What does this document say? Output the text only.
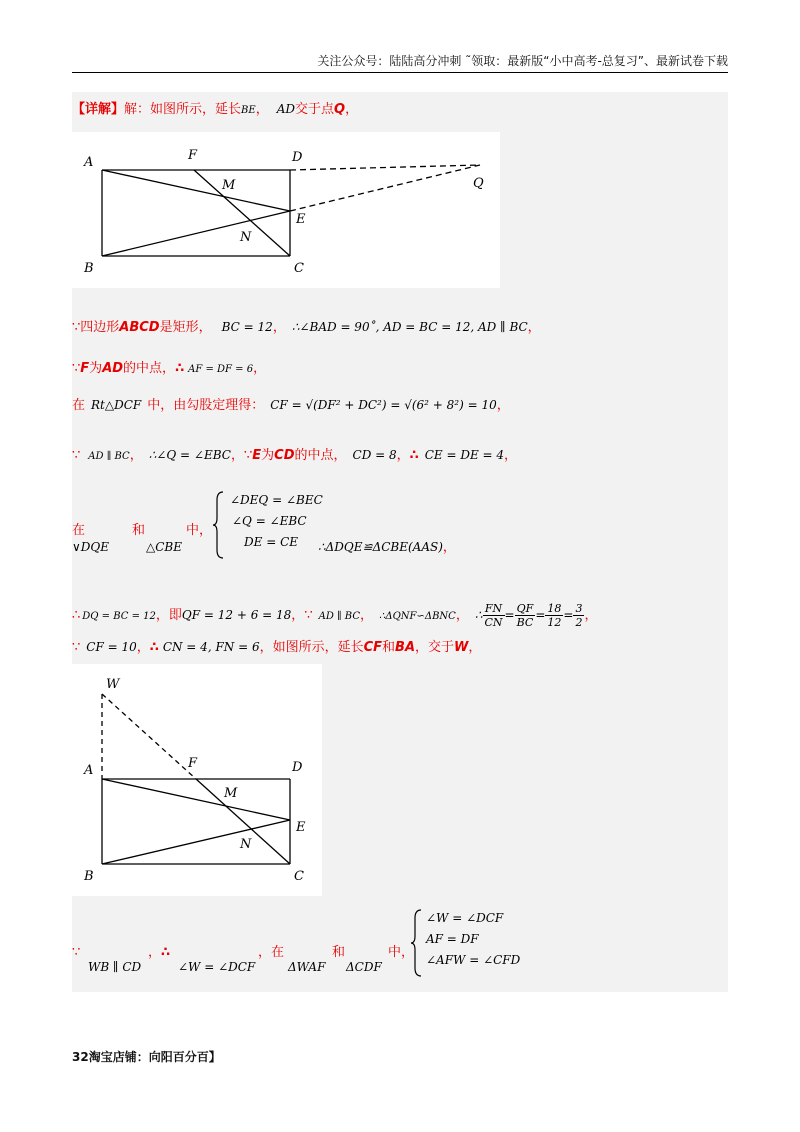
关注公众号：陆陆高分冲刺 ˜领取：最新版“小中高考-总复习”、最新试卷下载
【详解】解：如图所示，延长BE， AD交于点Q，
A	F	D
Q
M
E
N
B	C
∵四边形ABCD是矩形， BC = 12， ∴∠BAD = 90˚, AD = BC = 12, AD ∥ BC，
∵F为AD的中点，∴ AF = DF = 6，
在 Rt△DCF 中，由勾股定理得： CF = √(DF² + DC²) = √(6² + 8²) = 10，
∵ AD ∥ BC， ∴∠Q = ∠EBC，∵E为CD的中点， CD = 8，∴ CE = DE = 4，
在
∨DQE
和
△CBE
中，
∠DEQ = ∠BEC
∠Q = ∠EBC
DE = CE	∴ΔDQE≌ΔCBE(AAS)，
∴ DQ = BC = 12，即QF = 12 + 6 = 18，∵ AD ∥ BC， ∴ΔQNF∽ΔBNC， ∴ $\frac{FN}{CN} = \frac{QF}{BC} = \frac{18}{12} = \frac{3}{2}$ ，
∵ CF = 10，∴ CN = 4, FN = 6，如图所示，延长CF和BA，交于W，
W
A	F	D
M
E
N
B	C
∵
WB ∥ CD
，∴
∠W = ∠DCF
，在
ΔWAF
和
ΔCDF
中，
∠W = ∠DCF
AF = DF
∠AFW = ∠CFD
32淘宝店铺：向阳百分百】
